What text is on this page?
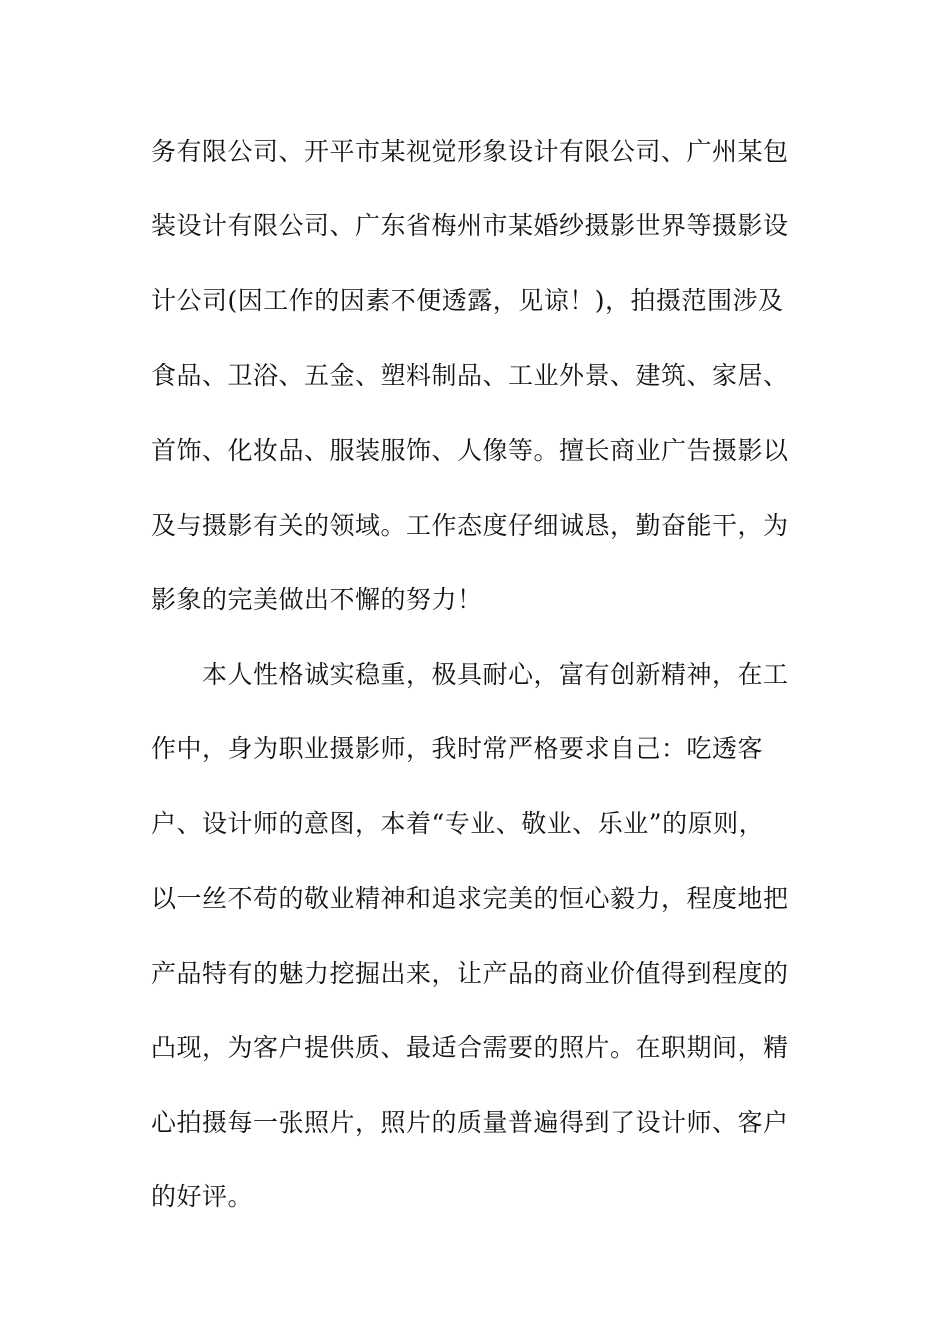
务有限公司、开平市某视觉形象设计有限公司、广州某包
装设计有限公司、广东省梅州市某婚纱摄影世界等摄影设
计公司(因工作的因素不便透露，见谅！)，拍摄范围涉及
食品、卫浴、五金、塑料制品、工业外景、建筑、家居、
首饰、化妆品、服装服饰、人像等。擅长商业广告摄影以
及与摄影有关的领域。工作态度仔细诚恳，勤奋能干，为
影象的完美做出不懈的努力！
本人性格诚实稳重，极具耐心，富有创新精神，在工
作中，身为职业摄影师，我时常严格要求自己：吃透客
户、设计师的意图，本着“专业、敬业、乐业”的原则，
以一丝不苟的敬业精神和追求完美的恒心毅力，程度地把
产品特有的魅力挖掘出来，让产品的商业价值得到程度的
凸现，为客户提供质、最适合需要的照片。在职期间，精
心拍摄每一张照片，照片的质量普遍得到了设计师、客户
的好评。
